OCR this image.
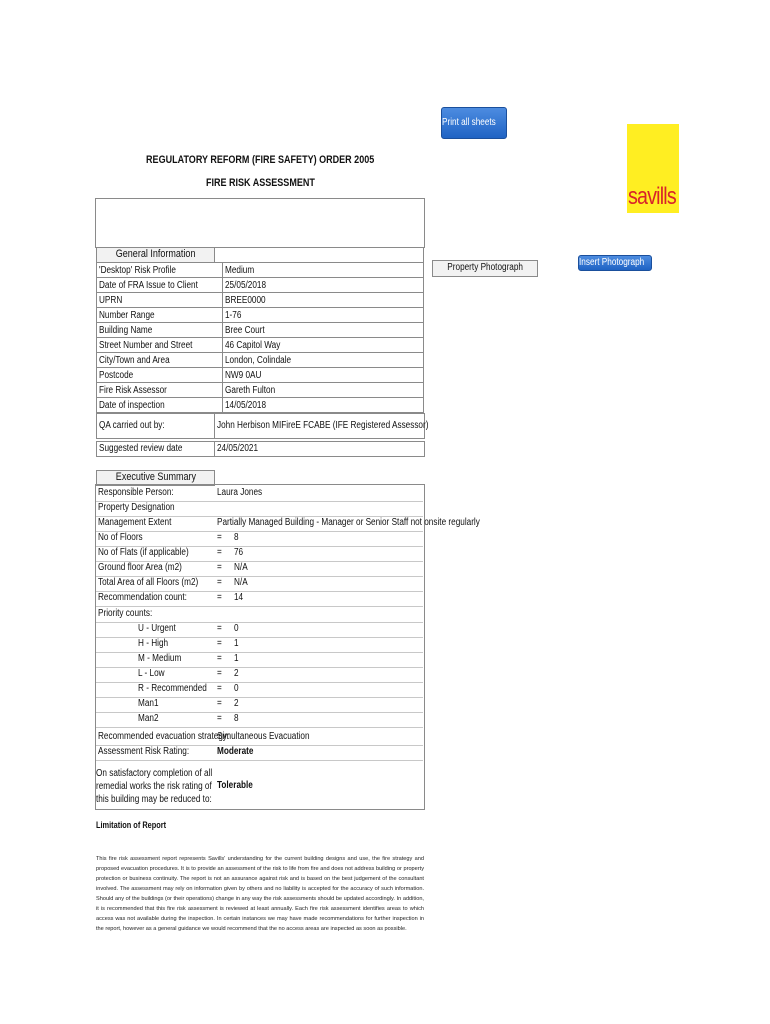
Print all sheets
Insert Photograph
savills
REGULATORY REFORM (FIRE SAFETY) ORDER 2005
FIRE RISK ASSESSMENT
Property Photograph
General Information
'Desktop' Risk Profile	Medium
Date of FRA Issue to Client	25/05/2018
UPRN	BREE0000
Number Range	1-76
Building Name	Bree Court
Street Number and Street	46 Capitol Way
City/Town and Area	London, Colindale
Postcode	NW9 0AU
Fire Risk Assessor	Gareth Fulton
Date of inspection	14/05/2018
QA carried out by:	John Herbison MIFireE FCABE (IFE Registered Assessor)
Suggested review date	24/05/2021
Executive Summary
Responsible Person:	Laura Jones
Property Designation
Management Extent	Partially Managed Building - Manager or Senior Staff not onsite regularly
No of Floors	= 8
No of Flats (if applicable)	= 76
Ground floor Area (m2)	= N/A
Total Area of all Floors (m2) = N/A
Recommendation count:	= 14
Priority counts:
U - Urgent	= 0
H - High	= 1
M - Medium	= 1
L - Low	= 2
R - Recommended = 0
Man1	= 2
Man2	= 8
Recommended evacuation strategy:
Simultaneous Evacuation
Assessment Risk Rating:	Moderate
On satisfactory completion of all remedial works the risk rating of this building may be reduced to:
Tolerable
Limitation of Report
This fire risk assessment report represents Savills' understanding for the current building designs and use, the fire strategy and proposed evacuation procedures. It is to provide an assessment of the risk to life from fire and does not address building or property protection or business continuity. The report is not an assurance against risk and is based on the best judgement of the consultant involved. The assessment may rely on information given by others and no liability is accepted for the accuracy of such information. Should any of the buildings (or their operations) change in any way the risk assessments should be updated accordingly. In addition, it is recommended that this fire risk assessment is reviewed at least annually. Each fire risk assessment identifies areas to which access was not available during the inspection. In certain instances we may have made recommendations for further inspection in the report, however as a general guidance we would recommend that the no access areas are inspected as soon as possible.
